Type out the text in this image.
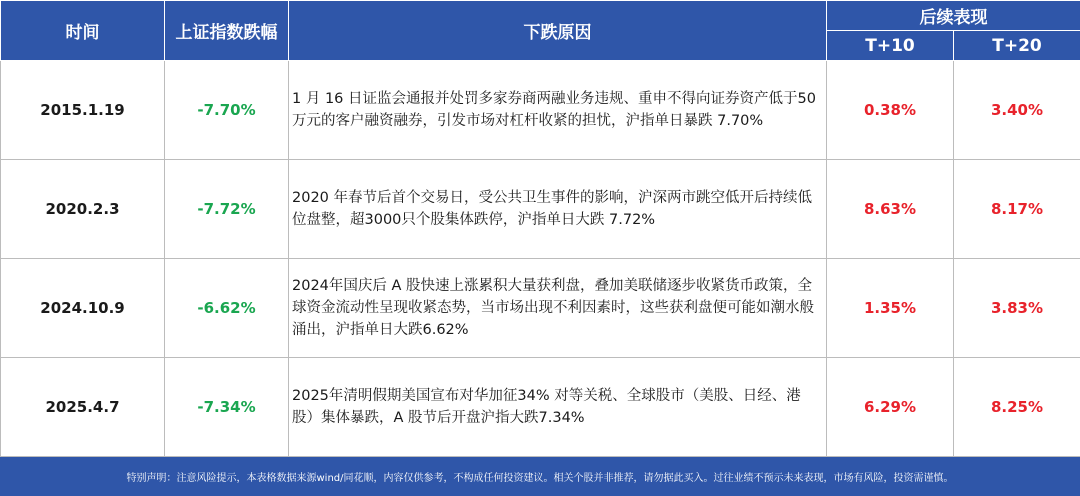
时间	上证指数跌幅	下跌原因	后续表现	
			T+10	T+20
2015.1.19	-7.70%	1 月 16 日证监会通报并处罚多家券商两融业务违规、重申不得向证券资产低于50万元的客户融资融券，引发市场对杠杆收紧的担忧，沪指单日暴跌 7.70%	0.38%	3.40%
2020.2.3	-7.72%	2020 年春节后首个交易日，受公共卫生事件的影响，沪深两市跳空低开后持续低位盘整，超3000只个股集体跌停，沪指单日大跌 7.72%	8.63%	8.17%
2024.10.9	-6.62%	2024年国庆后 A 股快速上涨累积大量获利盘，叠加美联储逐步收紧货币政策，全球资金流动性呈现收紧态势，当市场出现不利因素时，这些获利盘便可能如潮水般涌出，沪指单日大跌6.62%	1.35%	3.83%
2025.4.7	-7.34%	2025年清明假期美国宣布对华加征34% 对等关税、全球股市（美股、日经、港股）集体暴跌，A 股节后开盘沪指大跌7.34%	6.29%	8.25%
特别声明：注意风险提示，本表格数据来源wind/同花顺，内容仅供参考，不构成任何投资建议。相关个股并非推荐，请勿据此买入。过往业绩不预示未来表现，市场有风险，投资需谨慎。
